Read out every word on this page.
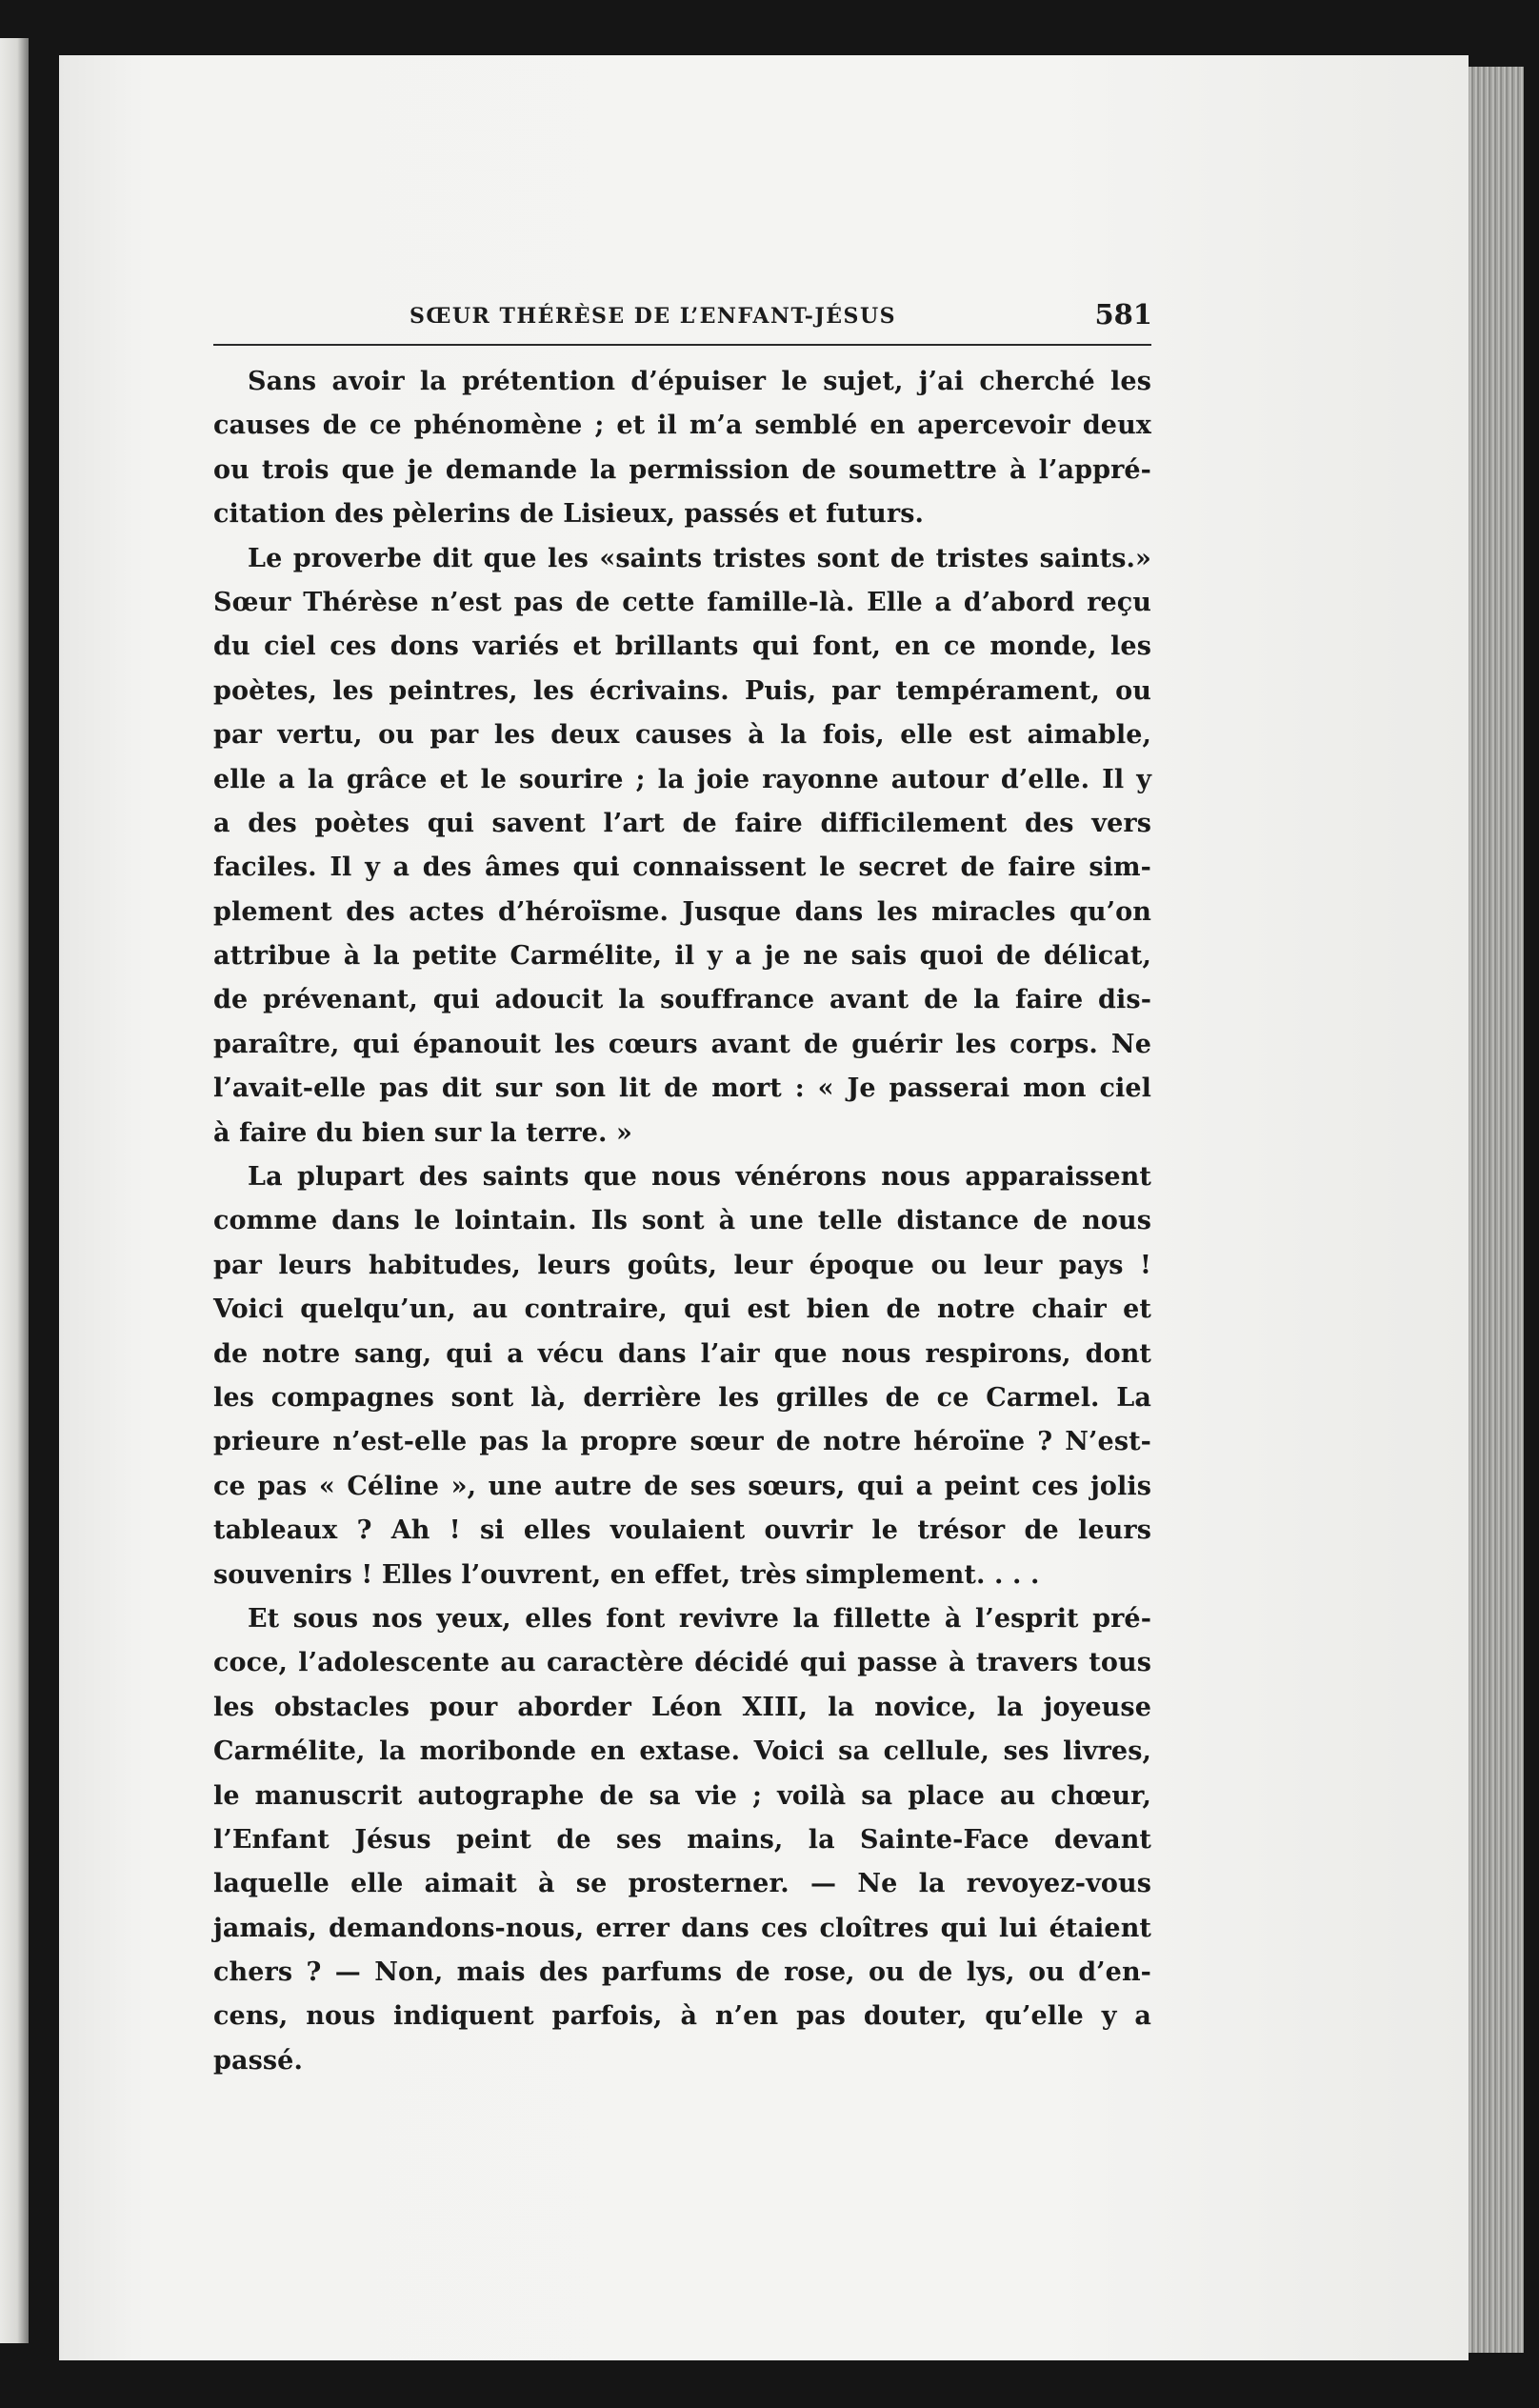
SŒUR THÉRÈSE DE L’ENFANT-JÉSUS	581

Sans avoir la prétention d’épuiser le sujet, j’ai cherché les
causes de ce phénomène ; et il m’a semblé en apercevoir deux
ou trois que je demande la permission de soumettre à l’appré-
citation des pèlerins de Lisieux, passés et futurs.

Le proverbe dit que les «saints tristes sont de tristes saints.»
Sœur Thérèse n’est pas de cette famille-là. Elle a d’abord reçu
du ciel ces dons variés et brillants qui font, en ce monde, les
poètes, les peintres, les écrivains. Puis, par tempérament, ou
par vertu, ou par les deux causes à la fois, elle est aimable,
elle a la grâce et le sourire ; la joie rayonne autour d’elle. Il y
a des poètes qui savent l’art de faire difficilement des vers
faciles. Il y a des âmes qui connaissent le secret de faire sim-
plement des actes d’héroïsme. Jusque dans les miracles qu’on
attribue à la petite Carmélite, il y a je ne sais quoi de délicat,
de prévenant, qui adoucit la souffrance avant de la faire dis-
paraître, qui épanouit les cœurs avant de guérir les corps. Ne
l’avait-elle pas dit sur son lit de mort : « Je passerai mon ciel
à faire du bien sur la terre. »

La plupart des saints que nous vénérons nous apparaissent
comme dans le lointain. Ils sont à une telle distance de nous
par leurs habitudes, leurs goûts, leur époque ou leur pays !
Voici quelqu’un, au contraire, qui est bien de notre chair et
de notre sang, qui a vécu dans l’air que nous respirons, dont
les compagnes sont là, derrière les grilles de ce Carmel. La
prieure n’est-elle pas la propre sœur de notre héroïne ? N’est-
ce pas « Céline », une autre de ses sœurs, qui a peint ces jolis
tableaux ? Ah ! si elles voulaient ouvrir le trésor de leurs
souvenirs ! Elles l’ouvrent, en effet, très simplement. . . .

Et sous nos yeux, elles font revivre la fillette à l’esprit pré-
coce, l’adolescente au caractère décidé qui passe à travers tous
les obstacles pour aborder Léon XIII, la novice, la joyeuse
Carmélite, la moribonde en extase. Voici sa cellule, ses livres,
le manuscrit autographe de sa vie ; voilà sa place au chœur,
l’Enfant Jésus peint de ses mains, la Sainte-Face devant
laquelle elle aimait à se prosterner. — Ne la revoyez-vous
jamais, demandons-nous, errer dans ces cloîtres qui lui étaient
chers ? — Non, mais des parfums de rose, ou de lys, ou d’en-
cens, nous indiquent parfois, à n’en pas douter, qu’elle y a
passé.
